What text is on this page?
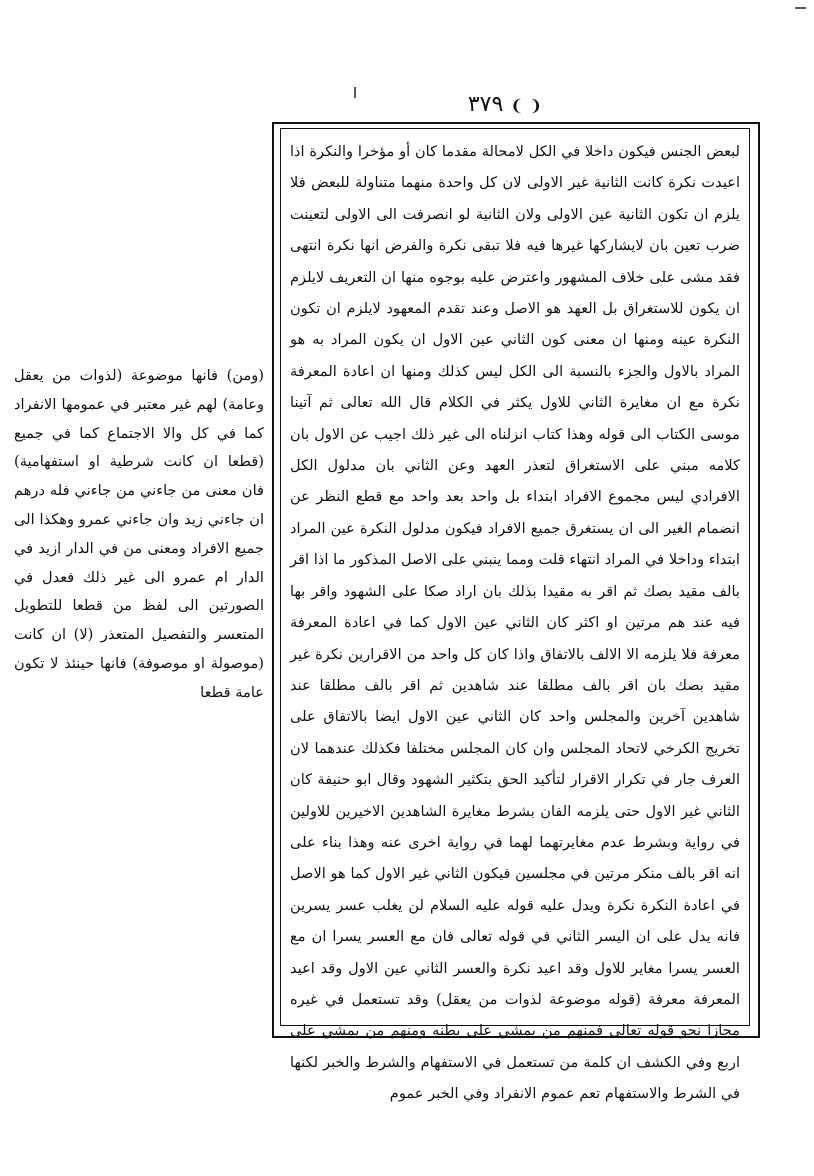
❨ ❩ ٣٧٩

لبعض الجنس فيكون داخلا في الكل لامحالة مقدما كان أو مؤخرا والنكرة اذا اعيدت نكرة كانت الثانية غير الاولى لان كل واحدة منهما متناولة للبعض فلا يلزم ان تكون الثانية عين الاولى ولان الثانية لو انصرفت الى الاولى لتعينت ضرب تعين بان لايشاركها غيرها فيه فلا تبقى نكرة والفرض انها نكرة انتهى فقد مشى على خلاف المشهور واعترض عليه بوجوه منها ان التعريف لايلزم ان يكون للاستغراق بل العهد هو الاصل وعند تقدم المعهود لايلزم ان تكون النكرة عينه ومنها ان معنى كون الثاني عين الاول ان يكون المراد به هو المراد بالاول والجزء بالنسبة الى الكل ليس كذلك ومنها ان اعادة المعرفة نكرة مع ان مغايرة الثاني للاول يكثر في الكلام قال الله تعالى ثم آتينا موسى الكتاب الى قوله وهذا كتاب انزلناه الى غير ذلك اجيب عن الاول بان كلامه مبني على الاستغراق لتعذر العهد وعن الثاني بان مدلول الكل الافرادي ليس مجموع الافراد ابتداء بل واحد بعد واحد مع قطع النظر عن انضمام الغير الى ان يستغرق جميع الافراد فيكون مدلول النكرة عين المراد ابتداء وداخلا في المراد انتهاء قلت ومما ينبني على الاصل المذكور ما اذا اقر بالف مقيد بصك ثم اقر به مقيدا بذلك بان اراد صكا على الشهود واقر بها فيه عند هم مرتين او اكثر كان الثاني عين الاول كما في اعادة المعرفة معرفة فلا يلزمه الا الالف بالاتفاق واذا كان كل واحد من الاقرارين نكرة غير مقيد بصك بان اقر بالف مطلقا عند شاهدين ثم اقر بالف مطلقا عند شاهدين آخرين والمجلس واحد كان الثاني عين الاول ايضا بالاتفاق على تخريج الكرخي لاتحاد المجلس وان كان المجلس مختلفا فكذلك عندهما لان العرف جار في تكرار الاقرار لتأكيد الحق بتكثير الشهود وقال ابو حنيفة كان الثاني غير الاول حتى يلزمه الفان بشرط مغايرة الشاهدين الاخيرين للاولين في رواية وبشرط عدم مغايرتهما لهما في رواية اخرى عنه وهذا بناء على انه اقر بالف منكر مرتين في مجلسين فيكون الثاني غير الاول كما هو الاصل في اعادة النكرة نكرة ويدل عليه قوله عليه السلام لن يغلب عسر يسرين فانه يدل على ان اليسر الثاني في قوله تعالى فان مع العسر يسرا ان مع العسر يسرا مغاير للاول وقد اعيد نكرة والعسر الثاني عين الاول وقد اعيد المعرفة معرفة (قوله موضوعة لذوات من يعقل) وقد تستعمل في غيره مجازا نحو قوله تعالى فمنهم من يمشي على بطنه ومنهم من يمشي على اربع وفي الكشف ان كلمة من تستعمل في الاستفهام والشرط والخبر لكنها في الشرط والاستفهام تعم عموم الانفراد وفي الخبر عموم

(ومن) فانها موضوعة (لذوات من يعقل وعامة) لهم غير معتبر في عمومها الانفراد كما في كل والا الاجتماع كما في جميع (قطعا ان كانت شرطية او استفهامية) فان معنى من جاءني من جاءني فله درهم ان جاءني زيد وان جاءني عمرو وهكذا الى جميع الافراد ومعنى من في الدار ازيد في الدار ام عمرو الى غير ذلك فعدل في الصورتين الى لفظ من قطعا للتطويل المتعسر والتفصيل المتعذر (لا) ان كانت (موصولة او موصوفة) فانها حينئذ لا تكون عامة قطعا
